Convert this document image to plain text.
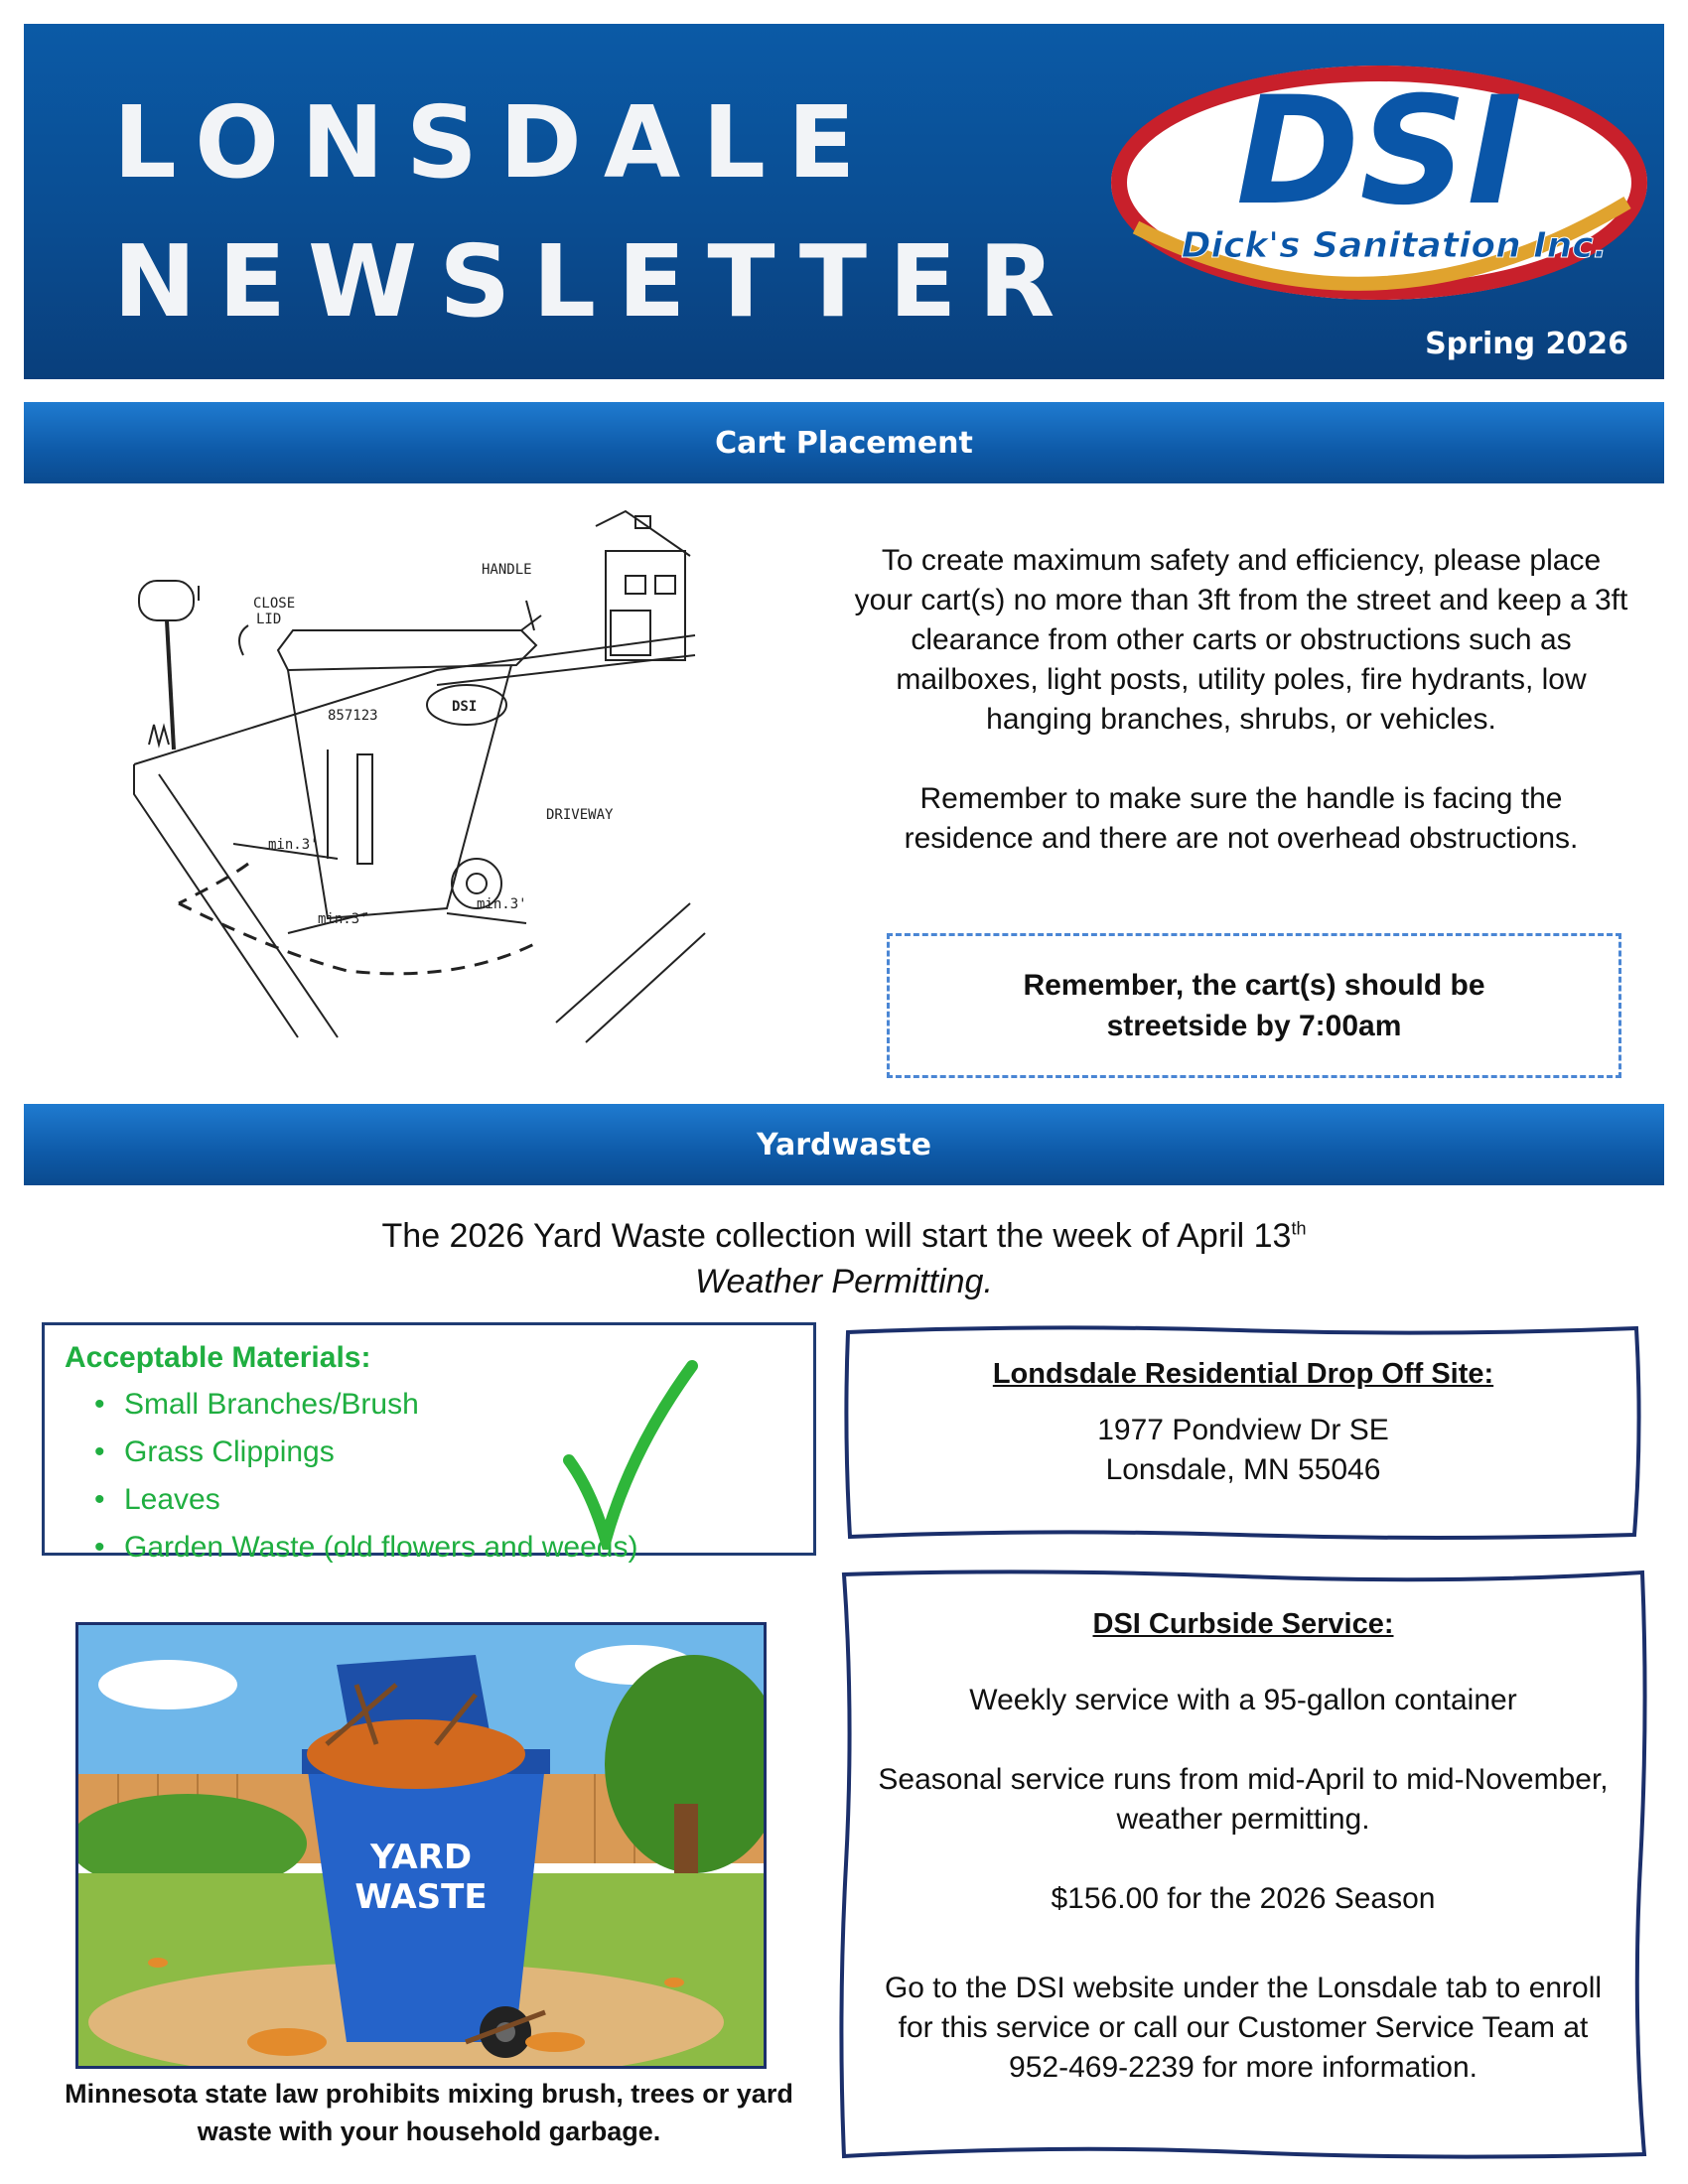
LONSDALE
NEWSLETTER
DSI
Dick's Sanitation Inc.
Spring 2026
Cart Placement
CLOSE
LID
HANDLE
DRIVEWAY
min.3'
min.3'
min.3'
857123
DSI

To create maximum safety and efficiency, please place your cart(s) no more than 3ft from the street and keep a 3ft clearance from other carts or obstructions such as mailboxes, light posts, utility poles, fire hydrants, low hanging branches, shrubs, or vehicles.

Remember to make sure the handle is facing the residence and there are not overhead obstructions.

Remember, the cart(s) should be streetside by 7:00am
Yardwaste
The 2026 Yard Waste collection will start the week of April 13th
Weather Permitting.
Acceptable Materials:
• Small Branches/Brush
• Grass Clippings
• Leaves
• Garden Waste (old flowers and weeds)
YARD
WASTE
Minnesota state law prohibits mixing brush, trees or yard waste with your household garbage.
Londsdale Residential Drop Off Site:
1977 Pondview Dr SE
Lonsdale, MN 55046
DSI Curbside Service:
Weekly service with a 95-gallon container
Seasonal service runs from mid-April to mid-November, weather permitting.
$156.00 for the 2026 Season
Go to the DSI website under the Lonsdale tab to enroll for this service or call our Customer Service Team at 952-469-2239 for more information.
